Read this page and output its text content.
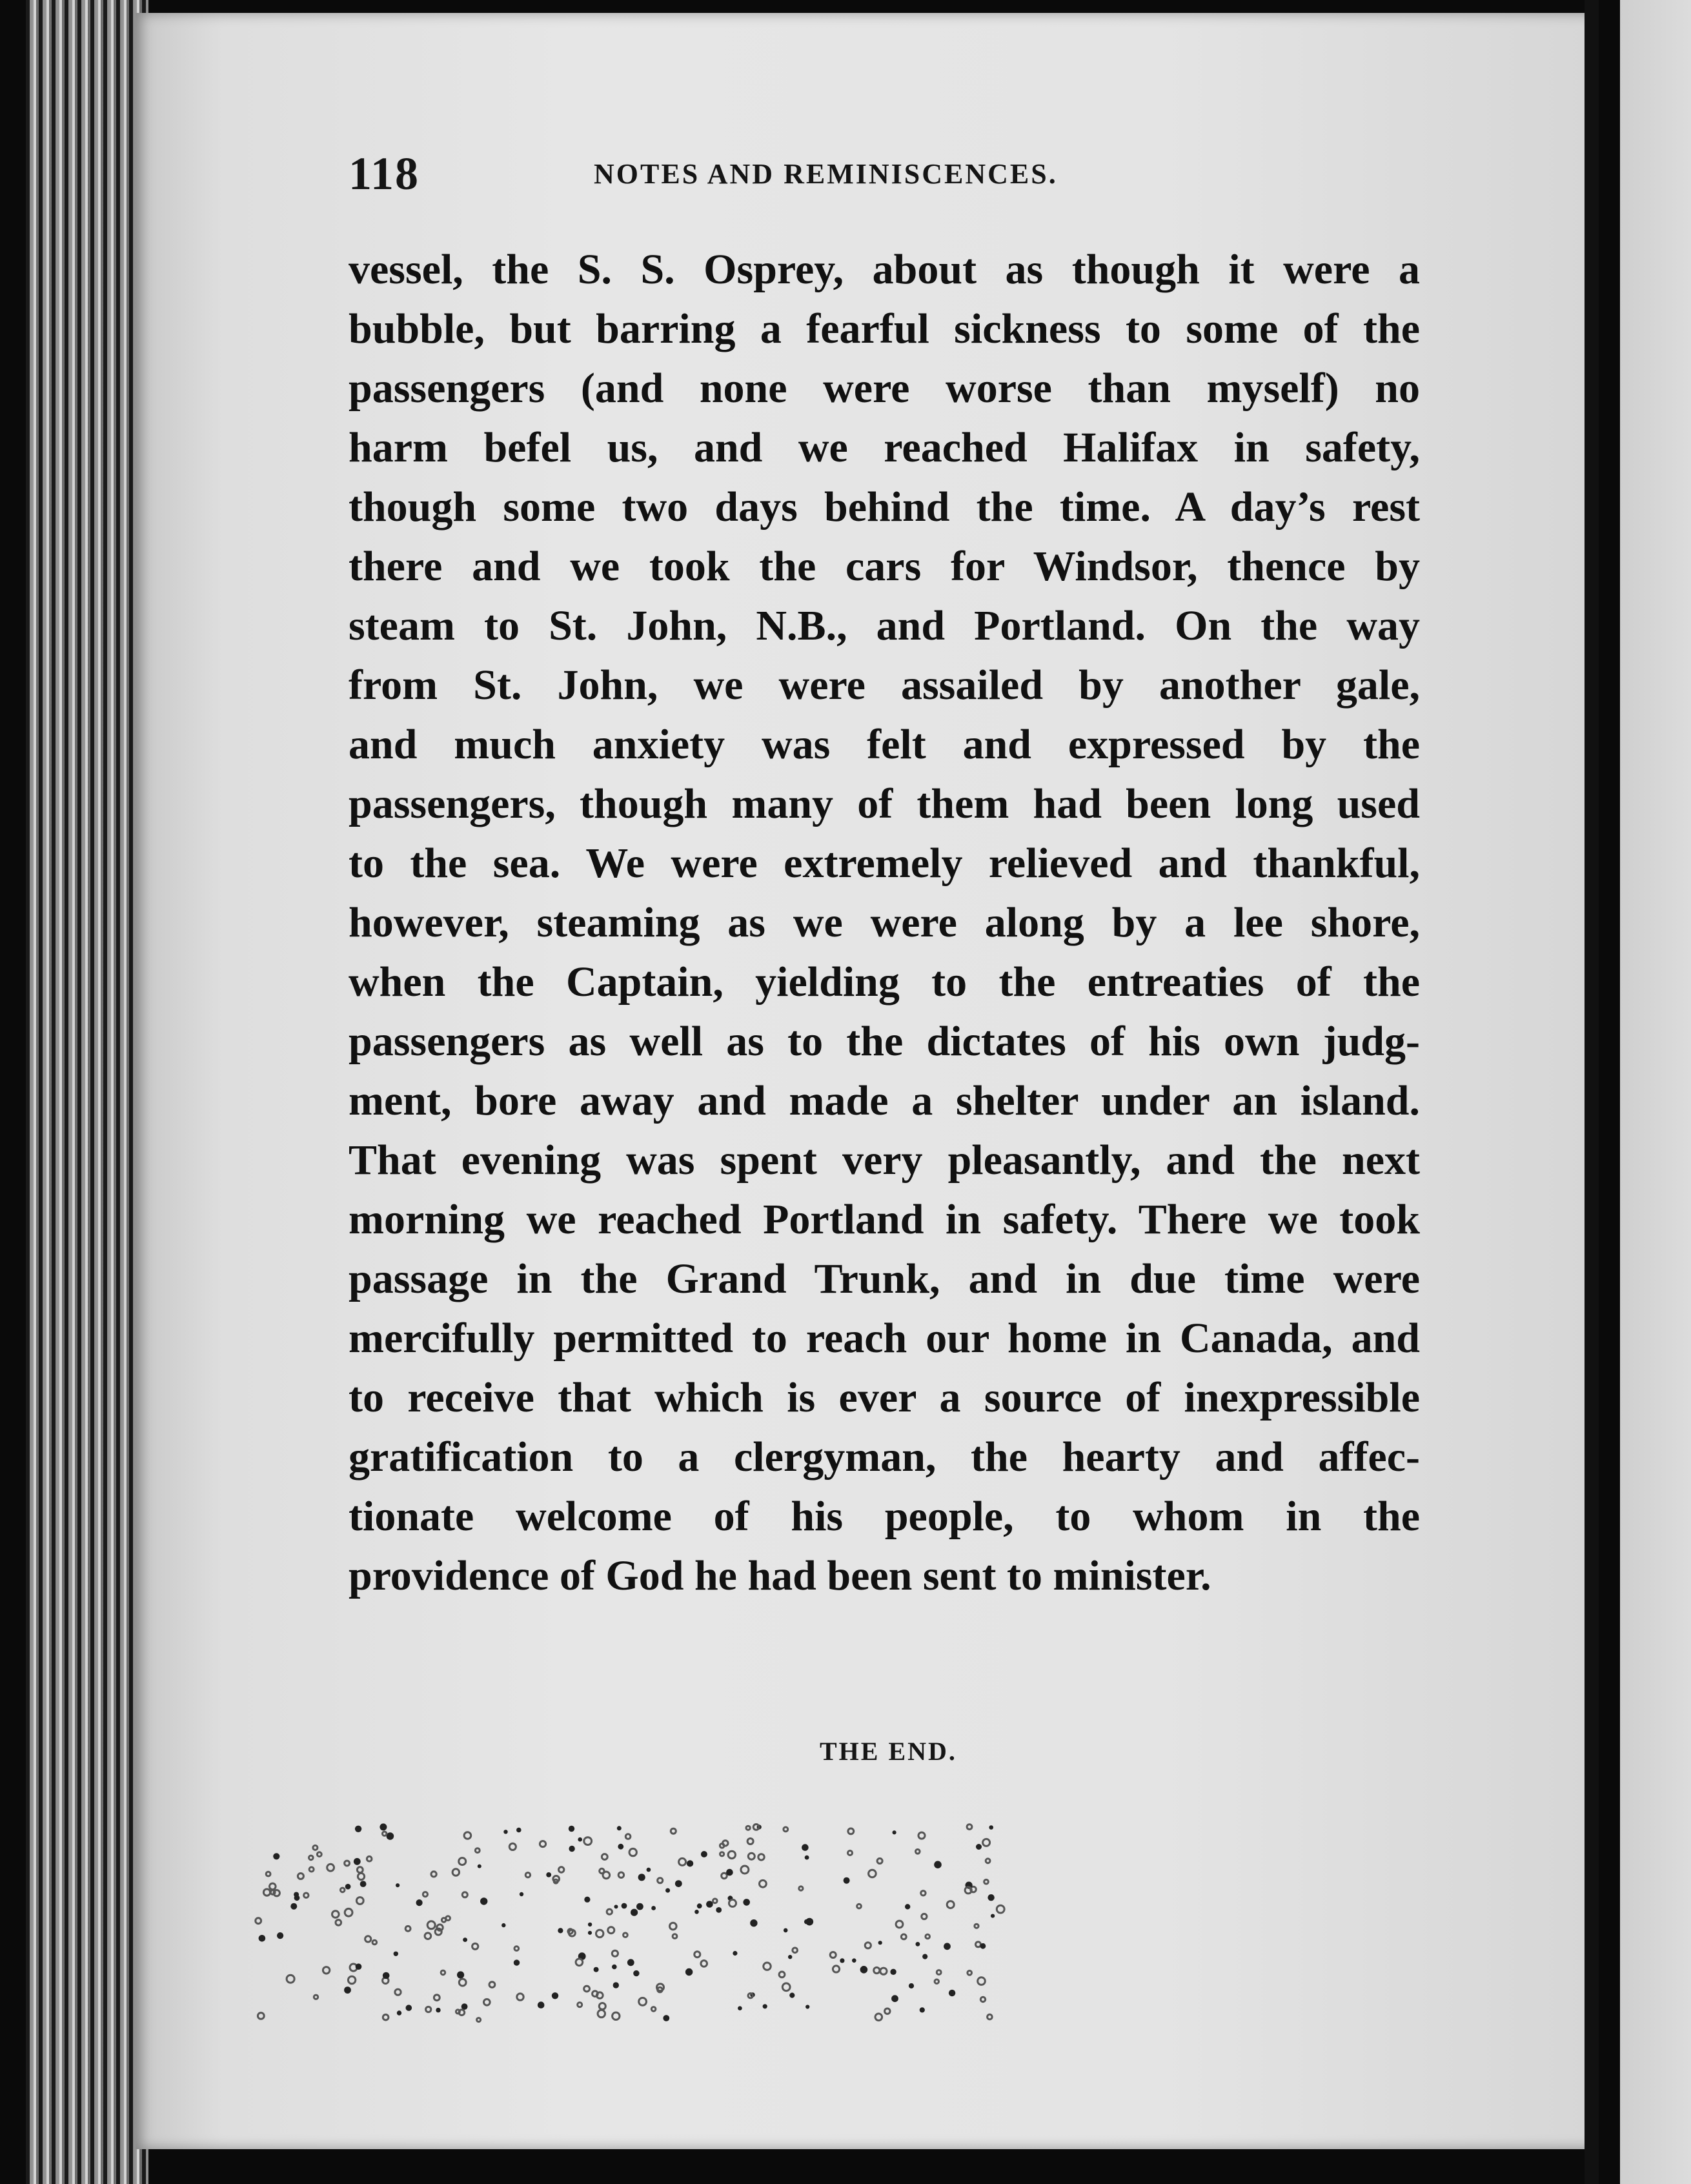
118	NOTES AND REMINISCENCES.
vessel, the S. S. Osprey, about as though it were a
bubble, but barring a fearful sickness to some of the
passengers (and none were worse than myself) no
harm befel us, and we reached Halifax in safety,
though some two days behind the time. A day’s rest
there and we took the cars for Windsor, thence by
steam to St. John, N.B., and Portland. On the way
from St. John, we were assailed by another gale,
and much anxiety was felt and expressed by the
passengers, though many of them had been long used
to the sea. We were extremely relieved and thankful,
however, steaming as we were along by a lee shore,
when the Captain, yielding to the entreaties of the
passengers as well as to the dictates of his own judg-
ment, bore away and made a shelter under an island.
That evening was spent very pleasantly, and the next
morning we reached Portland in safety. There we took
passage in the Grand Trunk, and in due time were
mercifully permitted to reach our home in Canada, and
to receive that which is ever a source of inexpressible
gratification to a clergyman, the hearty and affec-
tionate welcome of his people, to whom in the
providence of God he had been sent to minister.
THE END.
